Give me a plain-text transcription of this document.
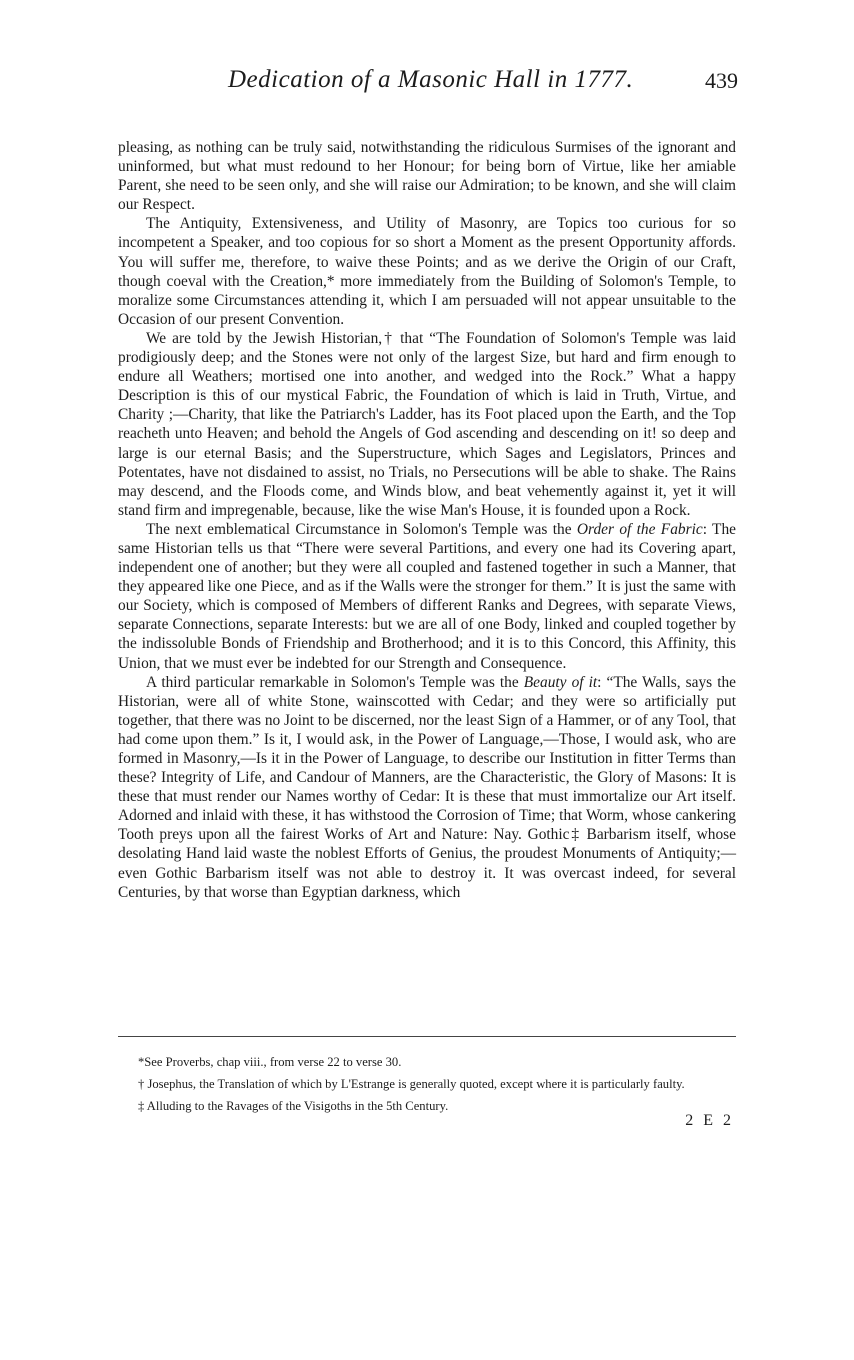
Dedication of a Masonic Hall in 1777.	439

pleasing, as nothing can be truly said, notwithstanding the ridiculous Surmises of the ignorant and uninformed, but what must redound to her Honour; for being born of Virtue, like her amiable Parent, she need to be seen only, and she will raise our Admiration; to be known, and she will claim our Respect.

The Antiquity, Extensiveness, and Utility of Masonry, are Topics too curious for so incompetent a Speaker, and too copious for so short a Moment as the present Opportunity affords. You will suffer me, therefore, to waive these Points; and as we derive the Origin of our Craft, though coeval with the Creation,* more immediately from the Building of Solomon's Temple, to moralize some Circumstances attending it, which I am persuaded will not appear unsuitable to the Occasion of our present Convention.

We are told by the Jewish Historian,† that “The Foundation of Solomon's Temple was laid prodigiously deep; and the Stones were not only of the largest Size, but hard and firm enough to endure all Weathers; mortised one into another, and wedged into the Rock.” What a happy Description is this of our mystical Fabric, the Foundation of which is laid in Truth, Virtue, and Charity ;—Charity, that like the Patriarch's Ladder, has its Foot placed upon the Earth, and the Top reacheth unto Heaven; and behold the Angels of God ascending and descending on it! so deep and large is our eternal Basis; and the Superstructure, which Sages and Legislators, Princes and Potentates, have not disdained to assist, no Trials, no Persecutions will be able to shake. The Rains may descend, and the Floods come, and Winds blow, and beat vehemently against it, yet it will stand firm and impregenable, because, like the wise Man's House, it is founded upon a Rock.

The next emblematical Circumstance in Solomon's Temple was the Order of the Fabric: The same Historian tells us that “There were several Partitions, and every one had its Covering apart, independent one of another; but they were all coupled and fastened together in such a Manner, that they appeared like one Piece, and as if the Walls were the stronger for them.” It is just the same with our Society, which is composed of Members of different Ranks and Degrees, with separate Views, separate Connections, separate Interests: but we are all of one Body, linked and coupled together by the indissoluble Bonds of Friendship and Brotherhood; and it is to this Concord, this Affinity, this Union, that we must ever be indebted for our Strength and Consequence.

A third particular remarkable in Solomon's Temple was the Beauty of it: “The Walls, says the Historian, were all of white Stone, wainscotted with Cedar; and they were so artificially put together, that there was no Joint to be discerned, nor the least Sign of a Hammer, or of any Tool, that had come upon them.” Is it, I would ask, in the Power of Language,—Those, I would ask, who are formed in Masonry,—Is it in the Power of Language, to describe our Institution in fitter Terms than these? Integrity of Life, and Candour of Manners, are the Characteristic, the Glory of Masons: It is these that must render our Names worthy of Cedar: It is these that must immortalize our Art itself. Adorned and inlaid with these, it has withstood the Corrosion of Time; that Worm, whose cankering Tooth preys upon all the fairest Works of Art and Nature: Nay. Gothic‡ Barbarism itself, whose desolating Hand laid waste the noblest Efforts of Genius, the proudest Monuments of Antiquity;—even Gothic Barbarism itself was not able to destroy it. It was overcast indeed, for several Centuries, by that worse than Egyptian darkness, which

*See Proverbs, chap viii., from verse 22 to verse 30.

† Josephus, the Translation of which by L'Estrange is generally quoted, except where it is particularly faulty.

‡ Alluding to the Ravages of the Visigoths in the 5th Century.

2 E 2
